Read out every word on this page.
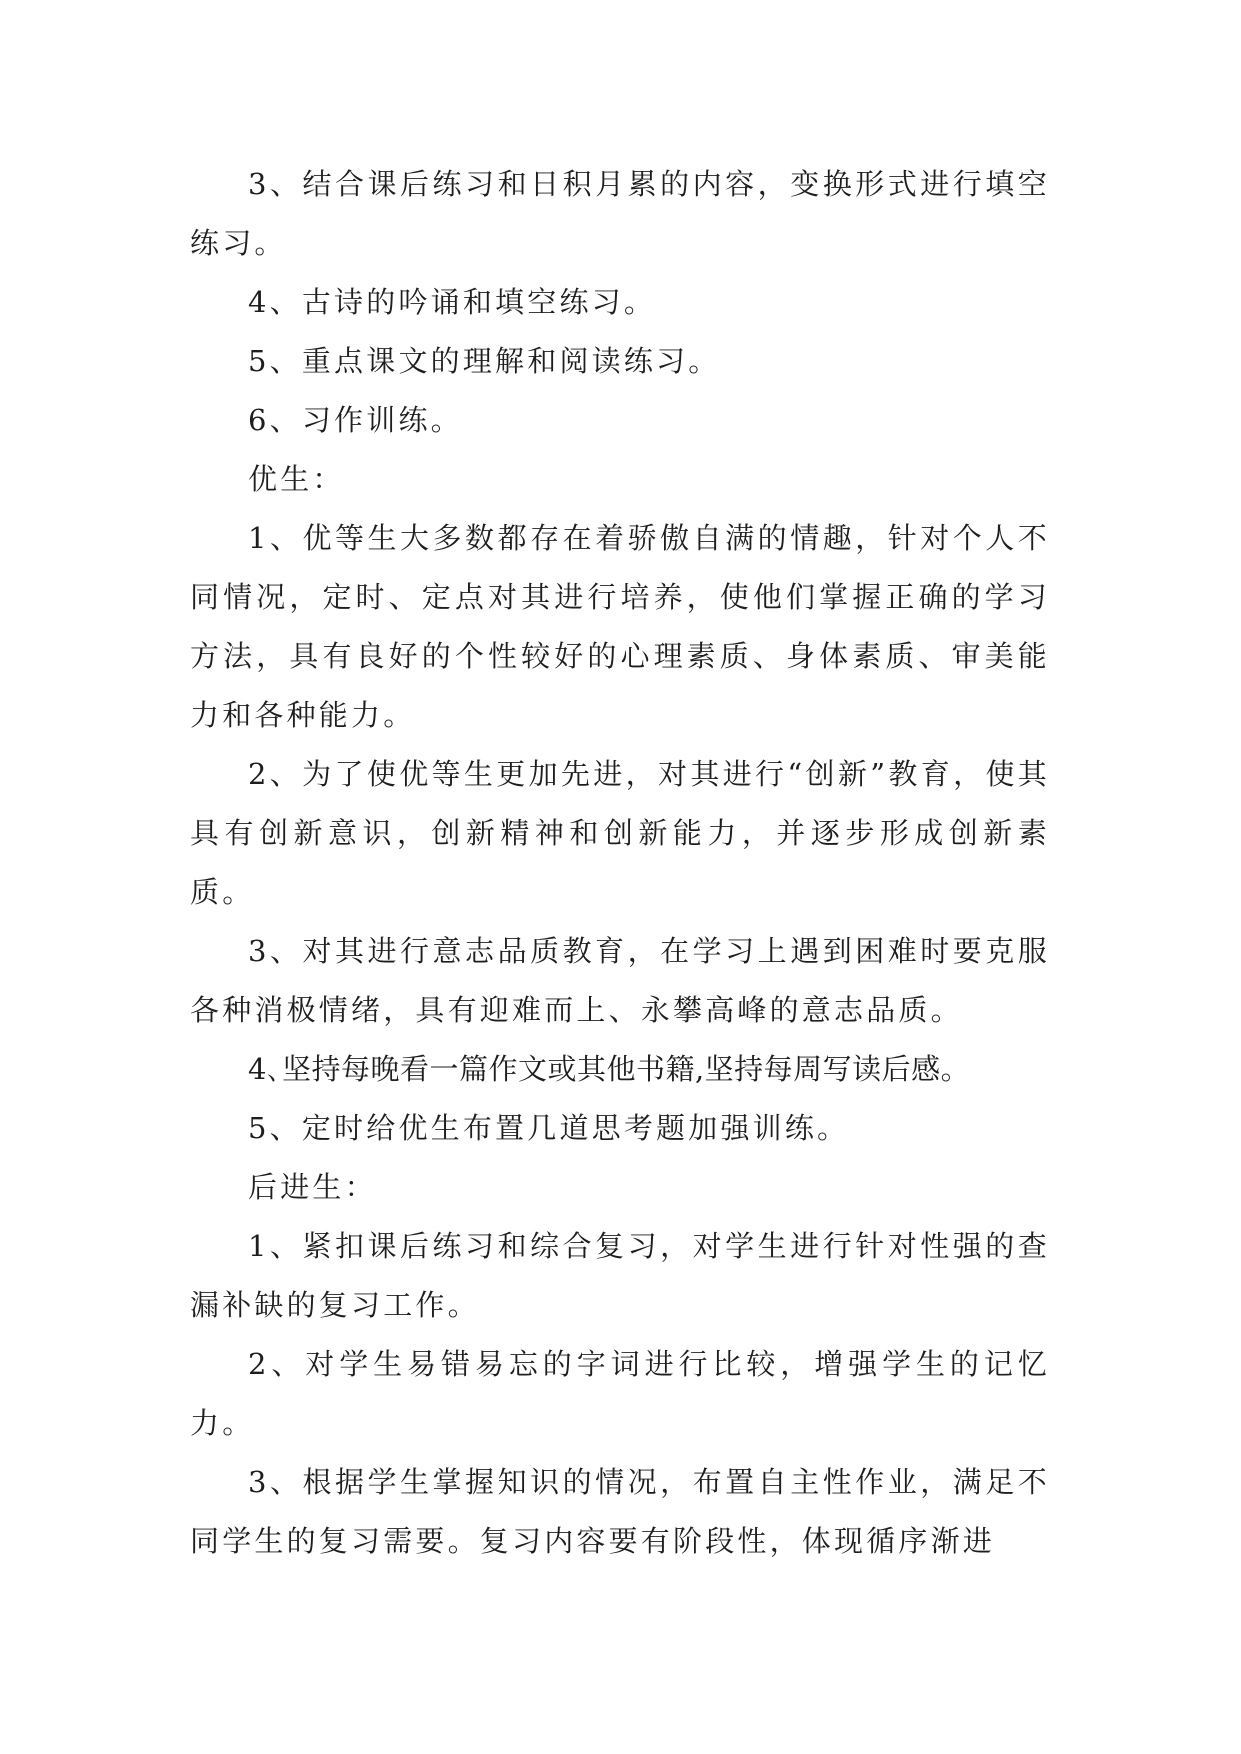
3、结合课后练习和日积月累的内容，变换形式进行填空练习。

4、古诗的吟诵和填空练习。

5、重点课文的理解和阅读练习。

6、习作训练。

优生：

1、优等生大多数都存在着骄傲自满的情趣，针对个人不同情况，定时、定点对其进行培养，使他们掌握正确的学习方法，具有良好的个性较好的心理素质、身体素质、审美能力和各种能力。

2、为了使优等生更加先进，对其进行“创新”教育，使其具有创新意识，创新精神和创新能力，并逐步形成创新素质。

3、对其进行意志品质教育，在学习上遇到困难时要克服各种消极情绪，具有迎难而上、永攀高峰的意志品质。

4､坚持每晚看一篇作文或其他书籍,坚持每周写读后感。

5、定时给优生布置几道思考题加强训练。

后进生：

1、紧扣课后练习和综合复习，对学生进行针对性强的查漏补缺的复习工作。

2、对学生易错易忘的字词进行比较，增强学生的记忆力。

3、根据学生掌握知识的情况，布置自主性作业，满足不同学生的复习需要。复习内容要有阶段性，体现循序渐进
